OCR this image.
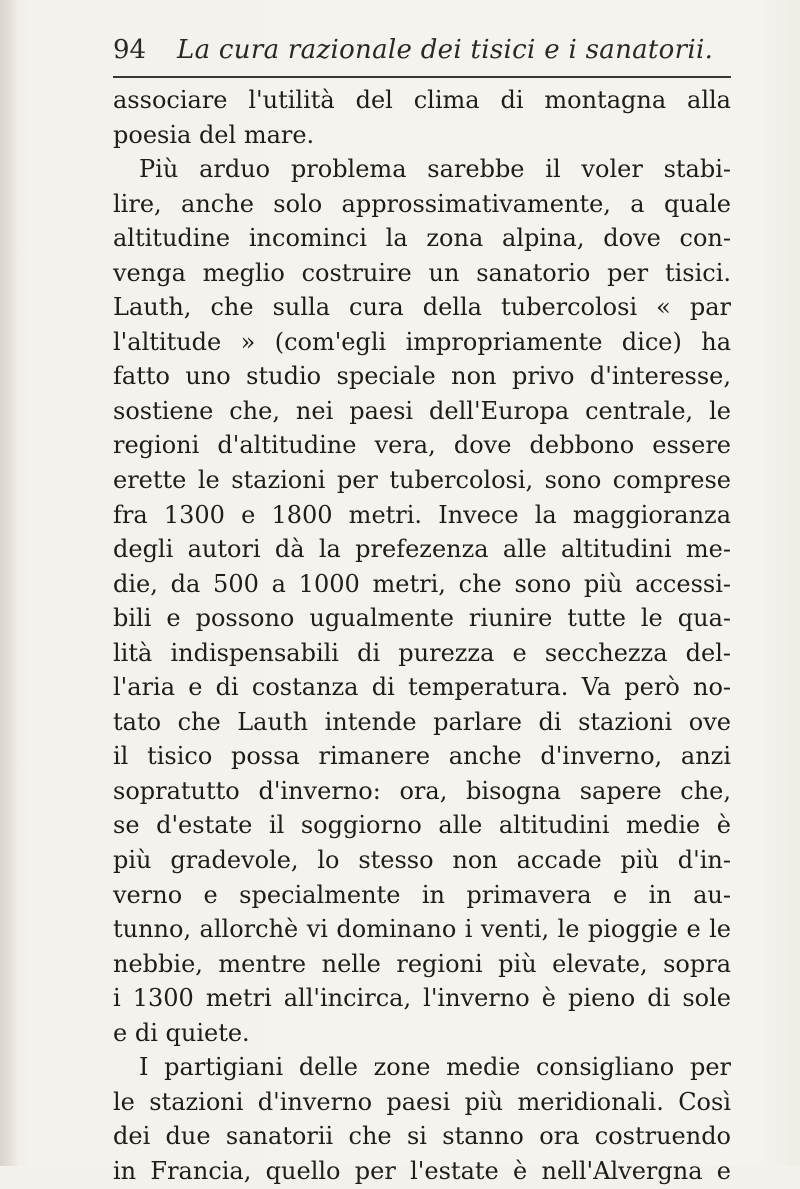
94 La cura razionale dei tisici e i sanatorii.
associare l'utilità del clima di montagna alla
poesia del mare.
Più arduo problema sarebbe il voler stabi-
lire, anche solo approssimativamente, a quale
altitudine incominci la zona alpina, dove con-
venga meglio costruire un sanatorio per tisici.
Lauth, che sulla cura della tubercolosi « par
l'altitude » (com'egli impropriamente dice) ha
fatto uno studio speciale non privo d'interesse,
sostiene che, nei paesi dell'Europa centrale, le
regioni d'altitudine vera, dove debbono essere
erette le stazioni per tubercolosi, sono comprese
fra 1300 e 1800 metri. Invece la maggioranza
degli autori dà la prefezenza alle altitudini me-
die, da 500 a 1000 metri, che sono più accessi-
bili e possono ugualmente riunire tutte le qua-
lità indispensabili di purezza e secchezza del-
l'aria e di costanza di temperatura. Va però no-
tato che Lauth intende parlare di stazioni ove
il tisico possa rimanere anche d'inverno, anzi
sopratutto d'inverno: ora, bisogna sapere che,
se d'estate il soggiorno alle altitudini medie è
più gradevole, lo stesso non accade più d'in-
verno e specialmente in primavera e in au-
tunno, allorchè vi dominano i venti, le pioggie e le
nebbie, mentre nelle regioni più elevate, sopra
i 1300 metri all'incirca, l'inverno è pieno di sole
e di quiete.
I partigiani delle zone medie consigliano per
le stazioni d'inverno paesi più meridionali. Così
dei due sanatorii che si stanno ora costruendo
in Francia, quello per l'estate è nell'Alvergna e
